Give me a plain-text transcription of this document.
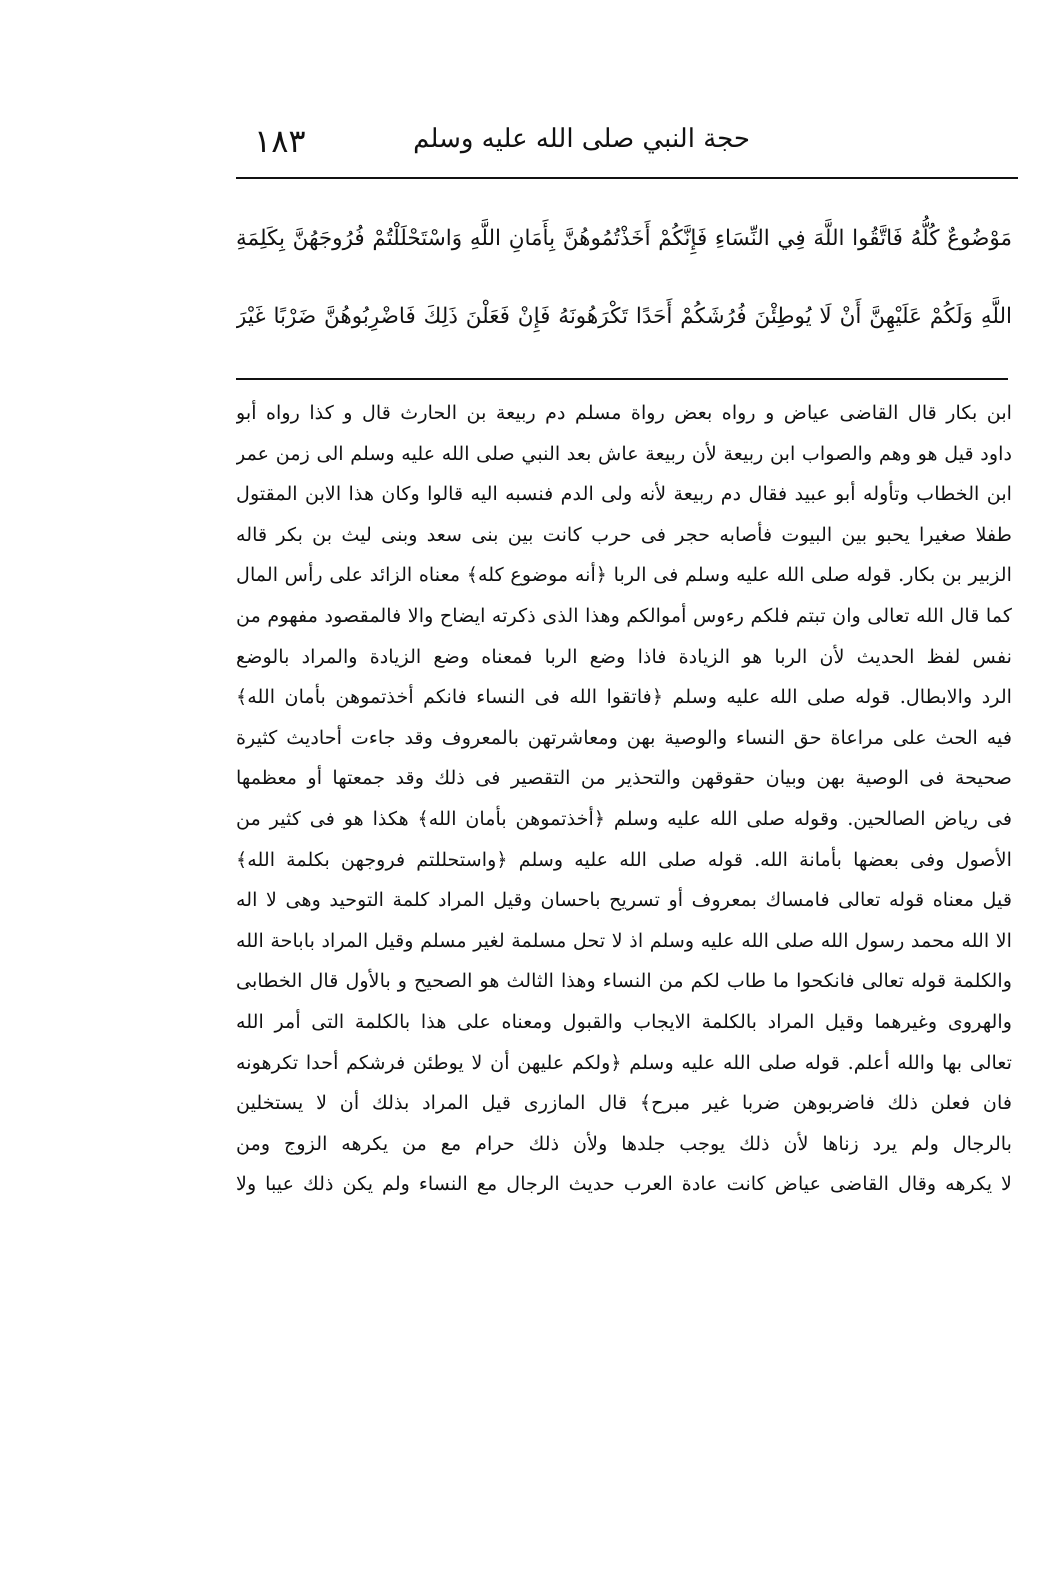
١٨٣	حجة النبي صلى الله عليه وسلم
مَوْضُوعٌ كُلُّهُ فَاتَّقُوا اللَّهَ فِي النِّسَاءِ فَإِنَّكُمْ أَخَذْتُمُوهُنَّ بِأَمَانِ اللَّهِ وَاسْتَحْلَلْتُمْ فُرُوجَهُنَّ بِكَلِمَةِ
اللَّهِ وَلَكُمْ عَلَيْهِنَّ أَنْ لَا يُوطِئْنَ فُرُشَكُمْ أَحَدًا تَكْرَهُونَهُ فَإِنْ فَعَلْنَ ذَلِكَ فَاضْرِبُوهُنَّ ضَرْبًا غَيْرَ
ابن بكار قال القاضى عياض و رواه بعض رواة مسلم دم ربيعة بن الحارث قال و كذا رواه أبو
داود قيل هو وهم والصواب ابن ربيعة لأن ربيعة عاش بعد النبي صلى الله عليه وسلم الى زمن عمر
ابن الخطاب وتأوله أبو عبيد فقال دم ربيعة لأنه ولى الدم فنسبه اليه قالوا وكان هذا الابن المقتول
طفلا صغيرا يحبو بين البيوت فأصابه حجر فى حرب كانت بين بنى سعد وبنى ليث بن بكر قاله
الزبير بن بكار. قوله صلى الله عليه وسلم فى الربا ﴿أنه موضوع كله﴾ معناه الزائد على رأس المال
كما قال الله تعالى وان تبتم فلكم رءوس أموالكم وهذا الذى ذكرته ايضاح والا فالمقصود مفهوم من
نفس لفظ الحديث لأن الربا هو الزيادة فاذا وضع الربا فمعناه وضع الزيادة والمراد بالوضع
الرد والابطال. قوله صلى الله عليه وسلم ﴿فاتقوا الله فى النساء فانكم أخذتموهن بأمان الله﴾
فيه الحث على مراعاة حق النساء والوصية بهن ومعاشرتهن بالمعروف وقد جاءت أحاديث كثيرة
صحيحة فى الوصية بهن وبيان حقوقهن والتحذير من التقصير فى ذلك وقد جمعتها أو معظمها
فى رياض الصالحين. وقوله صلى الله عليه وسلم ﴿أخذتموهن بأمان الله﴾ هكذا هو فى كثير من
الأصول وفى بعضها بأمانة الله. قوله صلى الله عليه وسلم ﴿واستحللتم فروجهن بكلمة الله﴾
قيل معناه قوله تعالى فامساك بمعروف أو تسريح باحسان وقيل المراد كلمة التوحيد وهى لا اله
الا الله محمد رسول الله صلى الله عليه وسلم اذ لا تحل مسلمة لغير مسلم وقيل المراد باباحة الله
والكلمة قوله تعالى فانكحوا ما طاب لكم من النساء وهذا الثالث هو الصحيح و بالأول قال الخطابى
والهروى وغيرهما وقيل المراد بالكلمة الايجاب والقبول ومعناه على هذا بالكلمة التى أمر الله
تعالى بها والله أعلم. قوله صلى الله عليه وسلم ﴿ولكم عليهن أن لا يوطئن فرشكم أحدا تكرهونه
فان فعلن ذلك فاضربوهن ضربا غير مبرح﴾ قال المازرى قيل المراد بذلك أن لا يستخلين
بالرجال ولم يرد زناها لأن ذلك يوجب جلدها ولأن ذلك حرام مع من يكرهه الزوج ومن
لا يكرهه وقال القاضى عياض كانت عادة العرب حديث الرجال مع النساء ولم يكن ذلك عيبا ولا
